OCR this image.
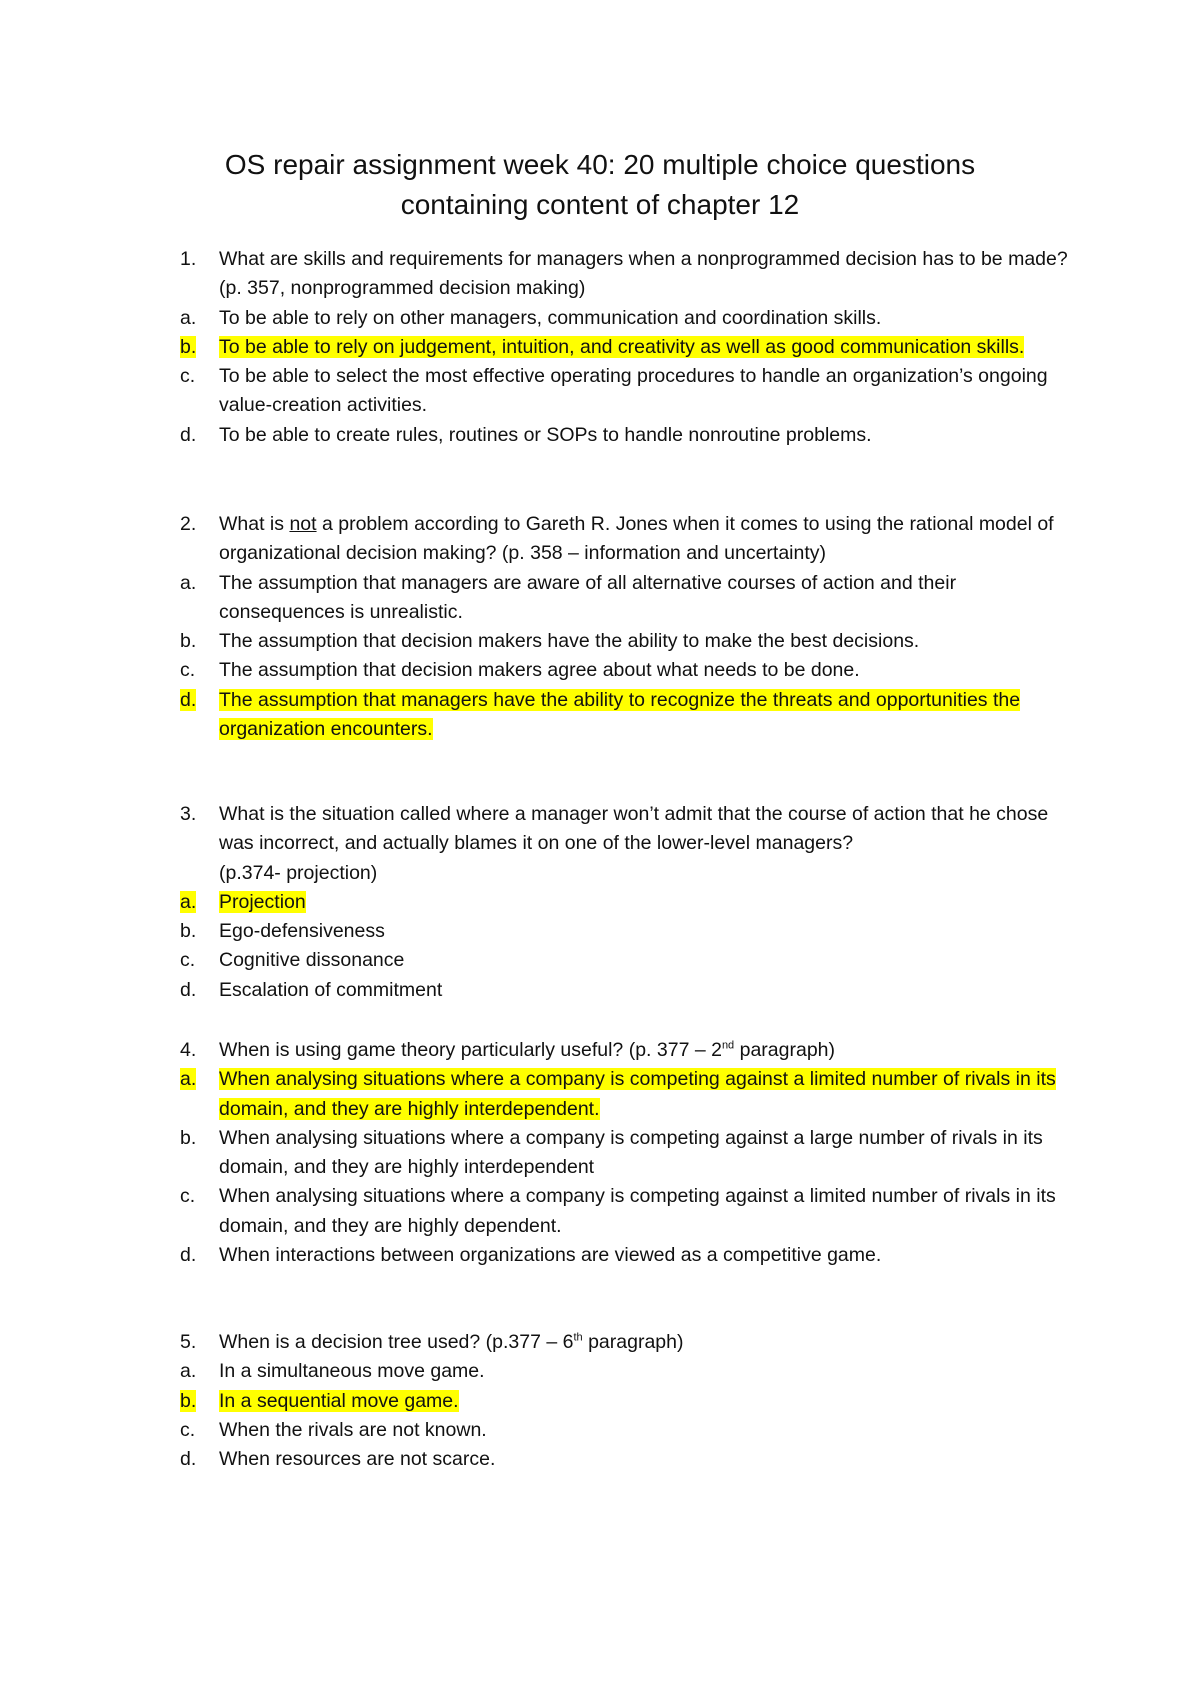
OS repair assignment week 40: 20 multiple choice questions
containing content of chapter 12
1.	What are skills and requirements for managers when a nonprogrammed decision has to be made? (p. 357, nonprogrammed decision making)
a.	To be able to rely on other managers, communication and coordination skills.
b.	To be able to rely on judgement, intuition, and creativity as well as good communication skills.
c.	To be able to select the most effective operating procedures to handle an organization’s ongoing value-creation activities.
d.	To be able to create rules, routines or SOPs to handle nonroutine problems.
2.	What is not a problem according to Gareth R. Jones when it comes to using the rational model of organizational decision making? (p. 358 – information and uncertainty)
a.	The assumption that managers are aware of all alternative courses of action and their consequences is unrealistic.
b.	The assumption that decision makers have the ability to make the best decisions.
c.	The assumption that decision makers agree about what needs to be done.
d.	The assumption that managers have the ability to recognize the threats and opportunities the organization encounters.
3.	What is the situation called where a manager won’t admit that the course of action that he chose was incorrect, and actually blames it on one of the lower-level managers?
(p.374- projection)
a.	Projection
b.	Ego-defensiveness
c.	Cognitive dissonance
d.	Escalation of commitment
4.	When is using game theory particularly useful? (p. 377 – 2nd paragraph)
a.	When analysing situations where a company is competing against a limited number of rivals in its domain, and they are highly interdependent.
b.	When analysing situations where a company is competing against a large number of rivals in its domain, and they are highly interdependent
c.	When analysing situations where a company is competing against a limited number of rivals in its domain, and they are highly dependent.
d.	When interactions between organizations are viewed as a competitive game.
5.	When is a decision tree used? (p.377 – 6th paragraph)
a.	In a simultaneous move game.
b.	In a sequential move game.
c.	When the rivals are not known.
d.	When resources are not scarce.
